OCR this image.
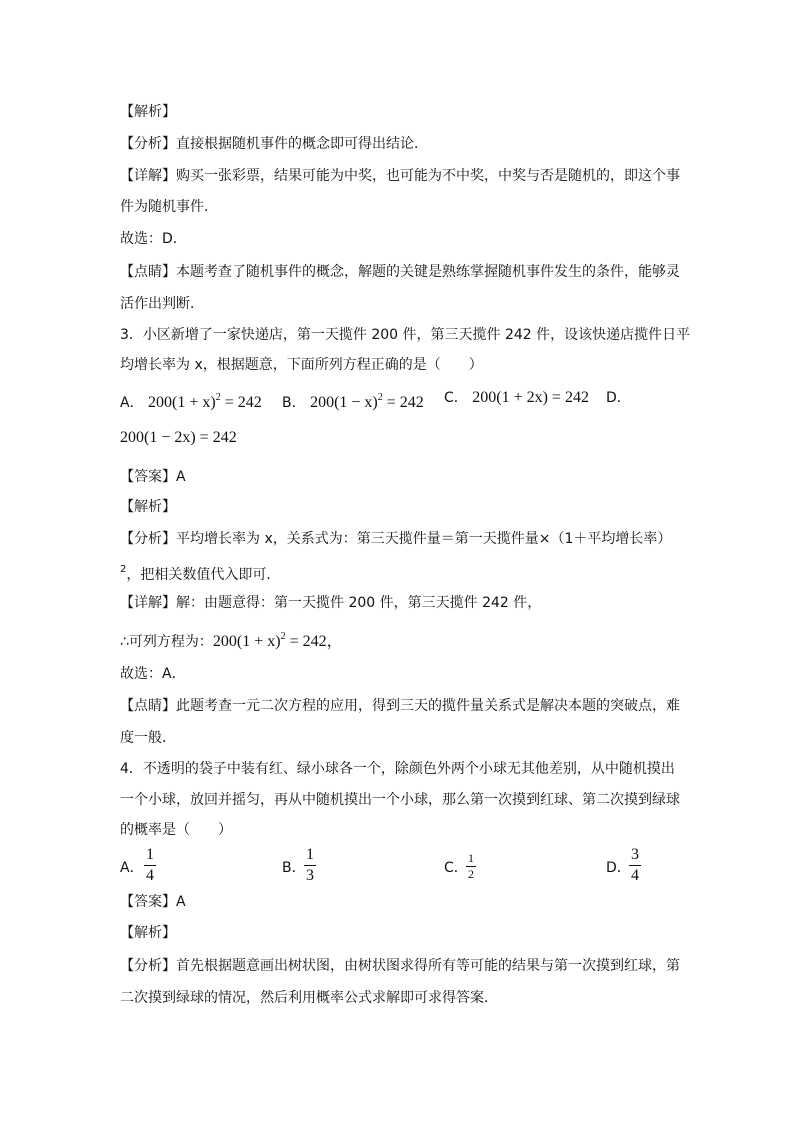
【解析】
【分析】直接根据随机事件的概念即可得出结论．
【详解】购买一张彩票，结果可能为中奖，也可能为不中奖，中奖与否是随机的，即这个事
件为随机事件．
故选：D．
【点睛】本题考查了随机事件的概念，解题的关键是熟练掌握随机事件发生的条件，能够灵
活作出判断．
3．小区新增了一家快递店，第一天揽件 200 件，第三天揽件 242 件，设该快递店揽件日平
均增长率为 x，根据题意，下面所列方程正确的是（　　）
A． $200(1 + x)^2 = 242$ B． $200(1 - x)^2 = 242$ C． 200(1 + 2x) = 242 D．
200(1 − 2x) = 242
【答案】A
【解析】
【分析】平均增长率为 x，关系式为：第三天揽件量＝第一天揽件量×（1＋平均增长率）
$^2$，把相关数值代入即可．
【详解】解：由题意得：第一天揽件 200 件，第三天揽件 242 件，
∴可列方程为：$200(1 + x)^2 = 242$，
故选：A．
【点睛】此题考查一元二次方程的应用，得到三天的揽件量关系式是解决本题的突破点，难
度一般．
4．不透明的袋子中装有红、绿小球各一个，除颜色外两个小球无其他差别，从中随机摸出
一个小球，放回并摇匀，再从中随机摸出一个小球，那么第一次摸到红球、第二次摸到绿球
的概率是（　　）
A．
1
4	B．
1
3	C．
1
2	D．
3
4
【答案】A
【解析】
【分析】首先根据题意画出树状图，由树状图求得所有等可能的结果与第一次摸到红球，第
二次摸到绿球的情况，然后利用概率公式求解即可求得答案．
